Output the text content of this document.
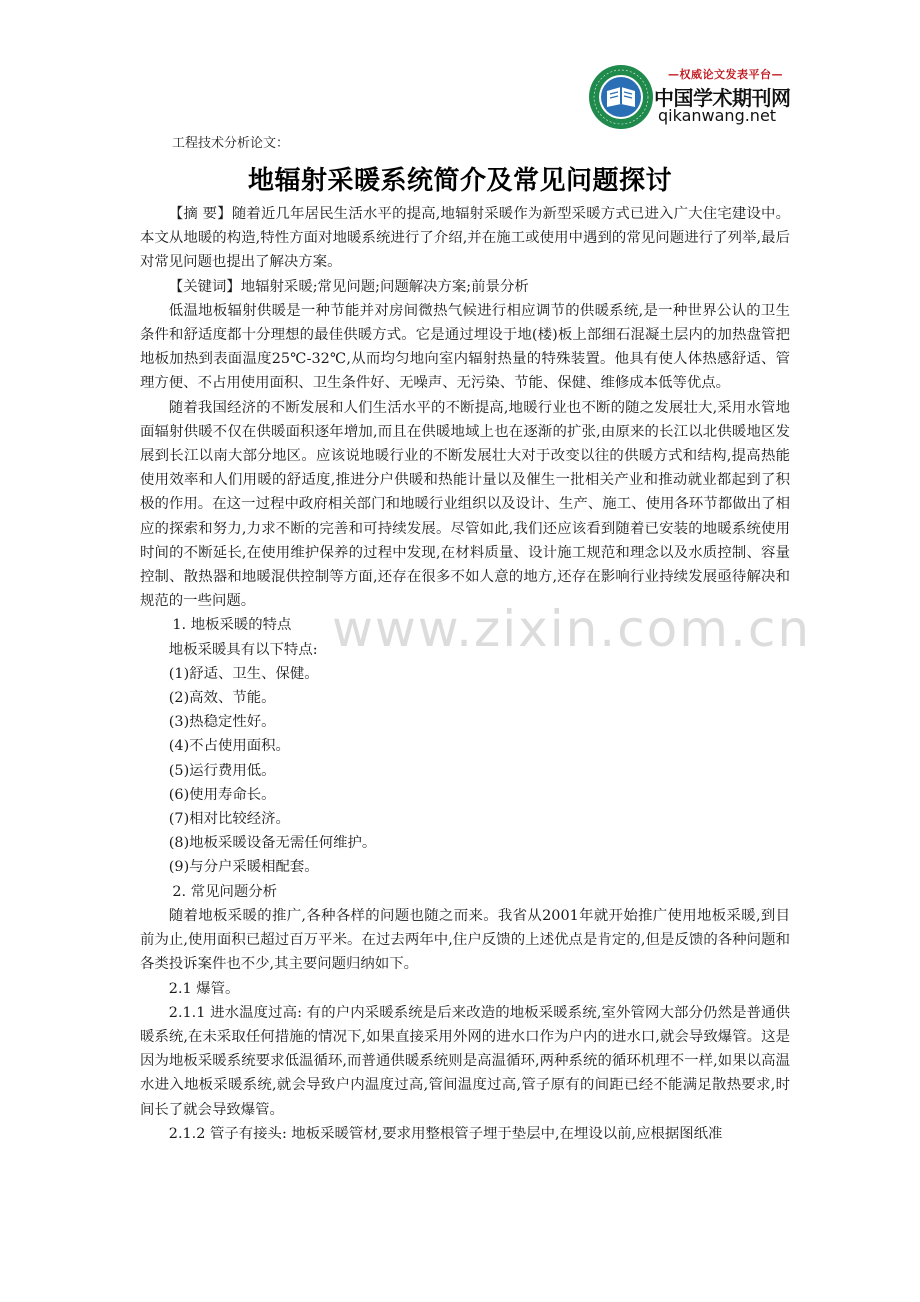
—权威论文发表平台—
中国学术期刊网
qikanwang.net
工程技术分析论文：
地辐射采暖系统简介及常见问题探讨
www.zixin.com.cn

【摘 要】随着近几年居民生活水平的提高,地辐射采暖作为新型采暖方式已进入广大住宅建设中。本文从地暖的构造,特性方面对地暖系统进行了介绍,并在施工或使用中遇到的常见问题进行了列举,最后对常见问题也提出了解决方案。

【关键词】地辐射采暖;常见问题;问题解决方案;前景分析

低温地板辐射供暖是一种节能并对房间微热气候进行相应调节的供暖系统,是一种世界公认的卫生条件和舒适度都十分理想的最佳供暖方式。它是通过埋设于地(楼)板上部细石混凝土层内的加热盘管把地板加热到表面温度25℃-32℃,从而均匀地向室内辐射热量的特殊装置。他具有使人体热感舒适、管理方便、不占用使用面积、卫生条件好、无噪声、无污染、节能、保健、维修成本低等优点。

随着我国经济的不断发展和人们生活水平的不断提高,地暖行业也不断的随之发展壮大,采用水管地面辐射供暖不仅在供暖面积逐年增加,而且在供暖地域上也在逐渐的扩张,由原来的长江以北供暖地区发展到长江以南大部分地区。应该说地暖行业的不断发展壮大对于改变以往的供暖方式和结构,提高热能使用效率和人们用暖的舒适度,推进分户供暖和热能计量以及催生一批相关产业和推动就业都起到了积极的作用。在这一过程中政府相关部门和地暖行业组织以及设计、生产、施工、使用各环节都做出了相应的探索和努力,力求不断的完善和可持续发展。尽管如此,我们还应该看到随着已安装的地暖系统使用时间的不断延长,在使用维护保养的过程中发现,在材料质量、设计施工规范和理念以及水质控制、容量控制、散热器和地暖混供控制等方面,还存在很多不如人意的地方,还存在影响行业持续发展亟待解决和规范的一些问题。

1. 地板采暖的特点

地板采暖具有以下特点:

(1)舒适、卫生、保健。

(2)高效、节能。

(3)热稳定性好。

(4)不占使用面积。

(5)运行费用低。

(6)使用寿命长。

(7)相对比较经济。

(8)地板采暖设备无需任何维护。

(9)与分户采暖相配套。

2. 常见问题分析

随着地板采暖的推广,各种各样的问题也随之而来。我省从2001年就开始推广使用地板采暖,到目前为止,使用面积已超过百万平米。在过去两年中,住户反馈的上述优点是肯定的,但是反馈的各种问题和各类投诉案件也不少,其主要问题归纳如下。

2.1 爆管。

2.1.1 进水温度过高: 有的户内采暖系统是后来改造的地板采暖系统,室外管网大部分仍然是普通供暖系统,在未采取任何措施的情况下,如果直接采用外网的进水口作为户内的进水口,就会导致爆管。这是因为地板采暖系统要求低温循环,而普通供暖系统则是高温循环,两种系统的循环机理不一样,如果以高温水进入地板采暖系统,就会导致户内温度过高,管间温度过高,管子原有的间距已经不能满足散热要求,时间长了就会导致爆管。

2.1.2 管子有接头: 地板采暖管材,要求用整根管子埋于垫层中,在埋设以前,应根据图纸准
